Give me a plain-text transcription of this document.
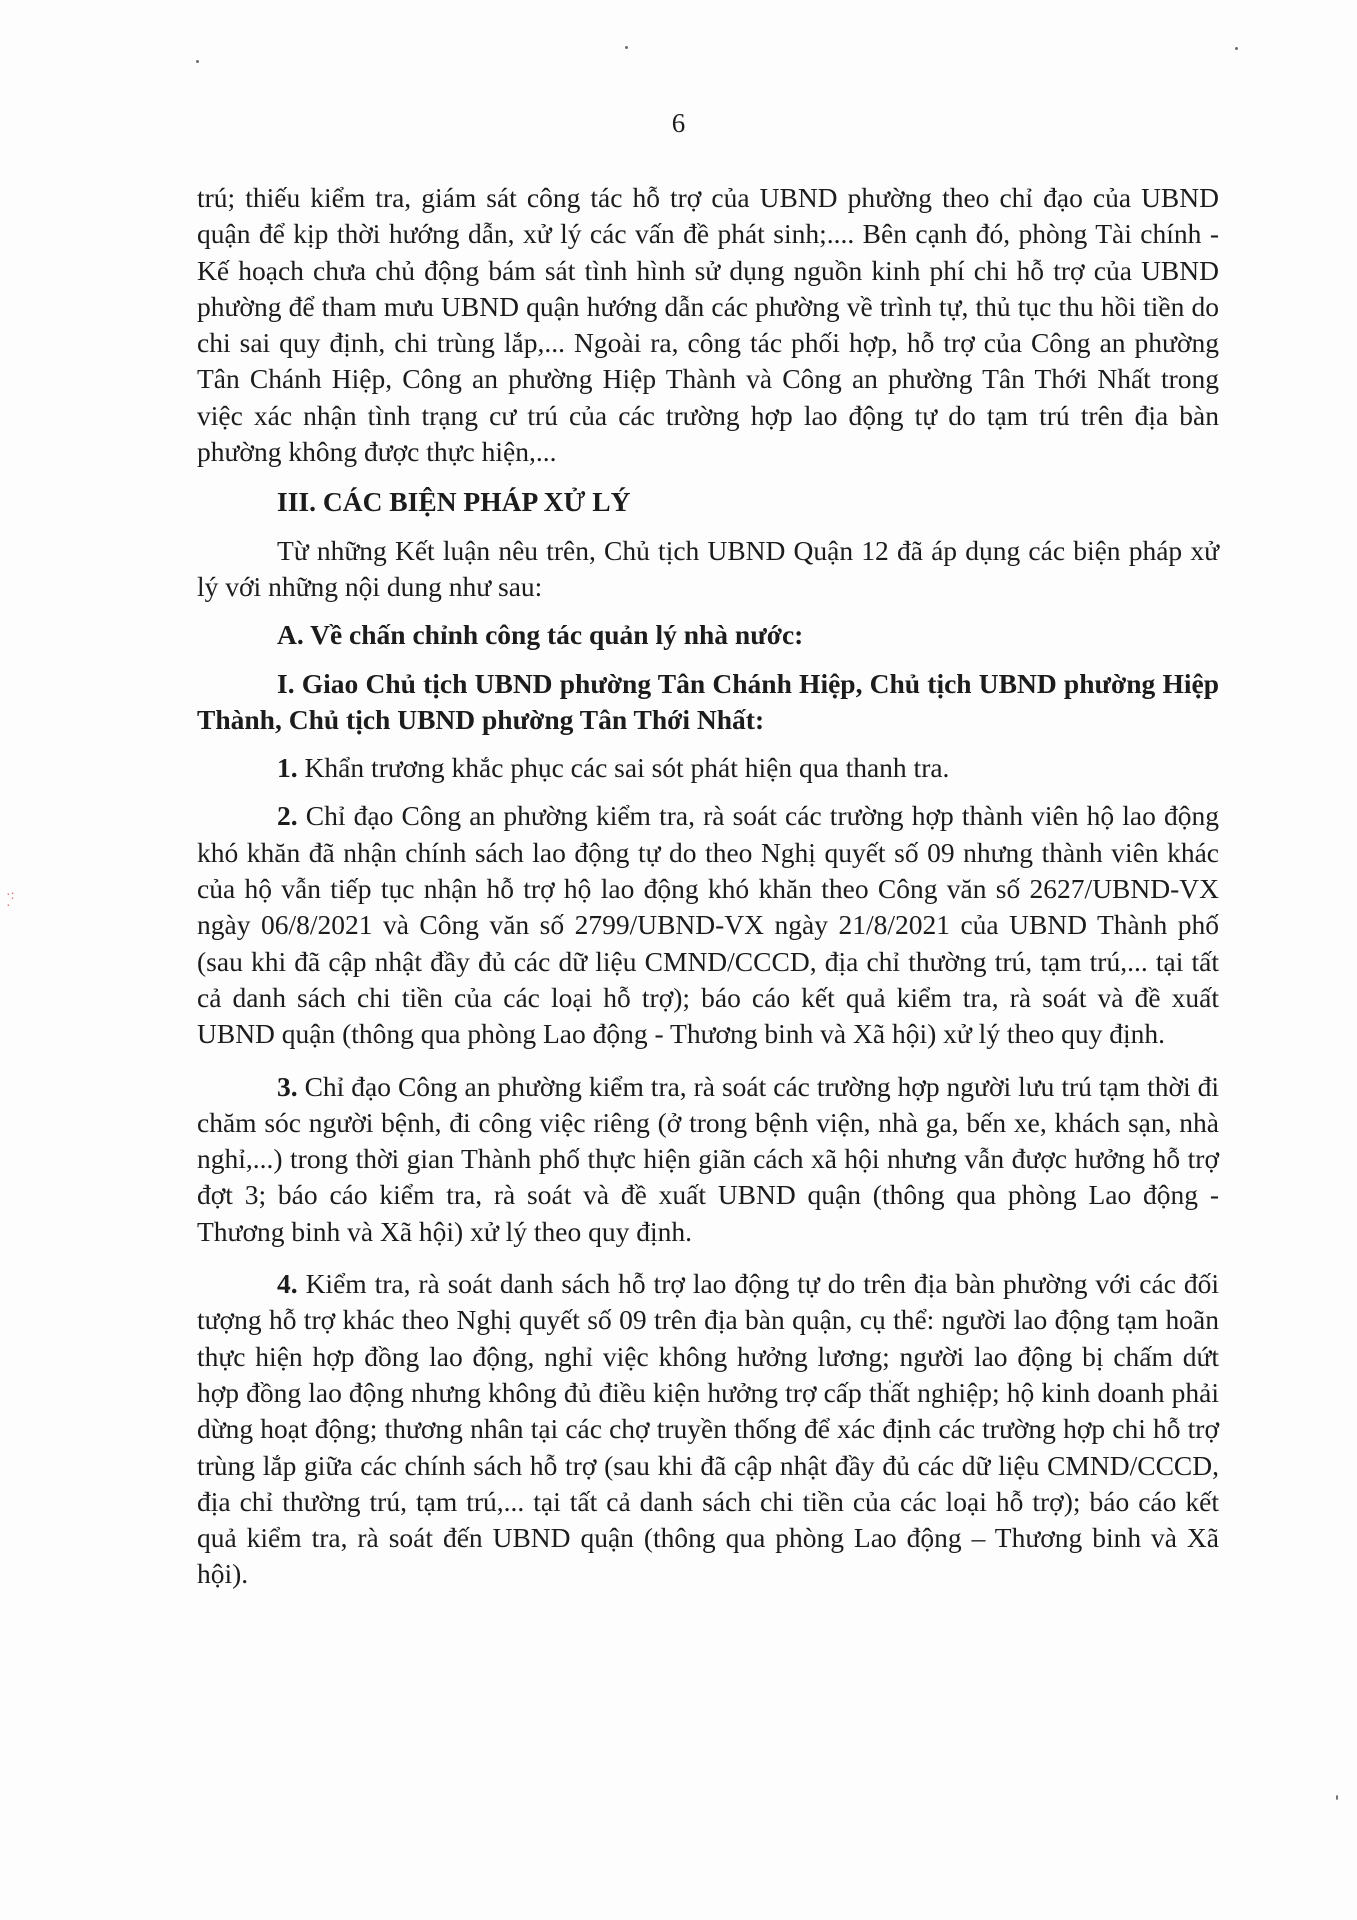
·:
·
6

trú; thiếu kiểm tra, giám sát công tác hỗ trợ của UBND phường theo chỉ đạo của UBND quận để kịp thời hướng dẫn, xử lý các vấn đề phát sinh;.... Bên cạnh đó, phòng Tài chính - Kế hoạch chưa chủ động bám sát tình hình sử dụng nguồn kinh phí chi hỗ trợ của UBND phường để tham mưu UBND quận hướng dẫn các phường về trình tự, thủ tục thu hồi tiền do chi sai quy định, chi trùng lắp,... Ngoài ra, công tác phối hợp, hỗ trợ của Công an phường Tân Chánh Hiệp, Công an phường Hiệp Thành và Công an phường Tân Thới Nhất trong việc xác nhận tình trạng cư trú của các trường hợp lao động tự do tạm trú trên địa bàn phường không được thực hiện,...

III. CÁC BIỆN PHÁP XỬ LÝ

Từ những Kết luận nêu trên, Chủ tịch UBND Quận 12 đã áp dụng các biện pháp xử lý với những nội dung như sau:

A. Về chấn chỉnh công tác quản lý nhà nước:

I. Giao Chủ tịch UBND phường Tân Chánh Hiệp, Chủ tịch UBND phường Hiệp Thành, Chủ tịch UBND phường Tân Thới Nhất:

1. Khẩn trương khắc phục các sai sót phát hiện qua thanh tra.

2. Chỉ đạo Công an phường kiểm tra, rà soát các trường hợp thành viên hộ lao động khó khăn đã nhận chính sách lao động tự do theo Nghị quyết số 09 nhưng thành viên khác của hộ vẫn tiếp tục nhận hỗ trợ hộ lao động khó khăn theo Công văn số 2627/UBND-VX ngày 06/8/2021 và Công văn số 2799/UBND-VX ngày 21/8/2021 của UBND Thành phố (sau khi đã cập nhật đầy đủ các dữ liệu CMND/CCCD, địa chỉ thường trú, tạm trú,... tại tất cả danh sách chi tiền của các loại hỗ trợ); báo cáo kết quả kiểm tra, rà soát và đề xuất UBND quận (thông qua phòng Lao động - Thương binh và Xã hội) xử lý theo quy định.

3. Chỉ đạo Công an phường kiểm tra, rà soát các trường hợp người lưu trú tạm thời đi chăm sóc người bệnh, đi công việc riêng (ở trong bệnh viện, nhà ga, bến xe, khách sạn, nhà nghỉ,...) trong thời gian Thành phố thực hiện giãn cách xã hội nhưng vẫn được hưởng hỗ trợ đợt 3; báo cáo kiểm tra, rà soát và đề xuất UBND quận (thông qua phòng Lao động - Thương binh và Xã hội) xử lý theo quy định.

4. Kiểm tra, rà soát danh sách hỗ trợ lao động tự do trên địa bàn phường với các đối tượng hỗ trợ khác theo Nghị quyết số 09 trên địa bàn quận, cụ thể: người lao động tạm hoãn thực hiện hợp đồng lao động, nghỉ việc không hưởng lương; người lao động bị chấm dứt hợp đồng lao động nhưng không đủ điều kiện hưởng trợ cấp thất nghiệp; hộ kinh doanh phải dừng hoạt động; thương nhân tại các chợ truyền thống để xác định các trường hợp chi hỗ trợ trùng lắp giữa các chính sách hỗ trợ (sau khi đã cập nhật đầy đủ các dữ liệu CMND/CCCD, địa chỉ thường trú, tạm trú,... tại tất cả danh sách chi tiền của các loại hỗ trợ); báo cáo kết quả kiểm tra, rà soát đến UBND quận (thông qua phòng Lao động – Thương binh và Xã hội).
